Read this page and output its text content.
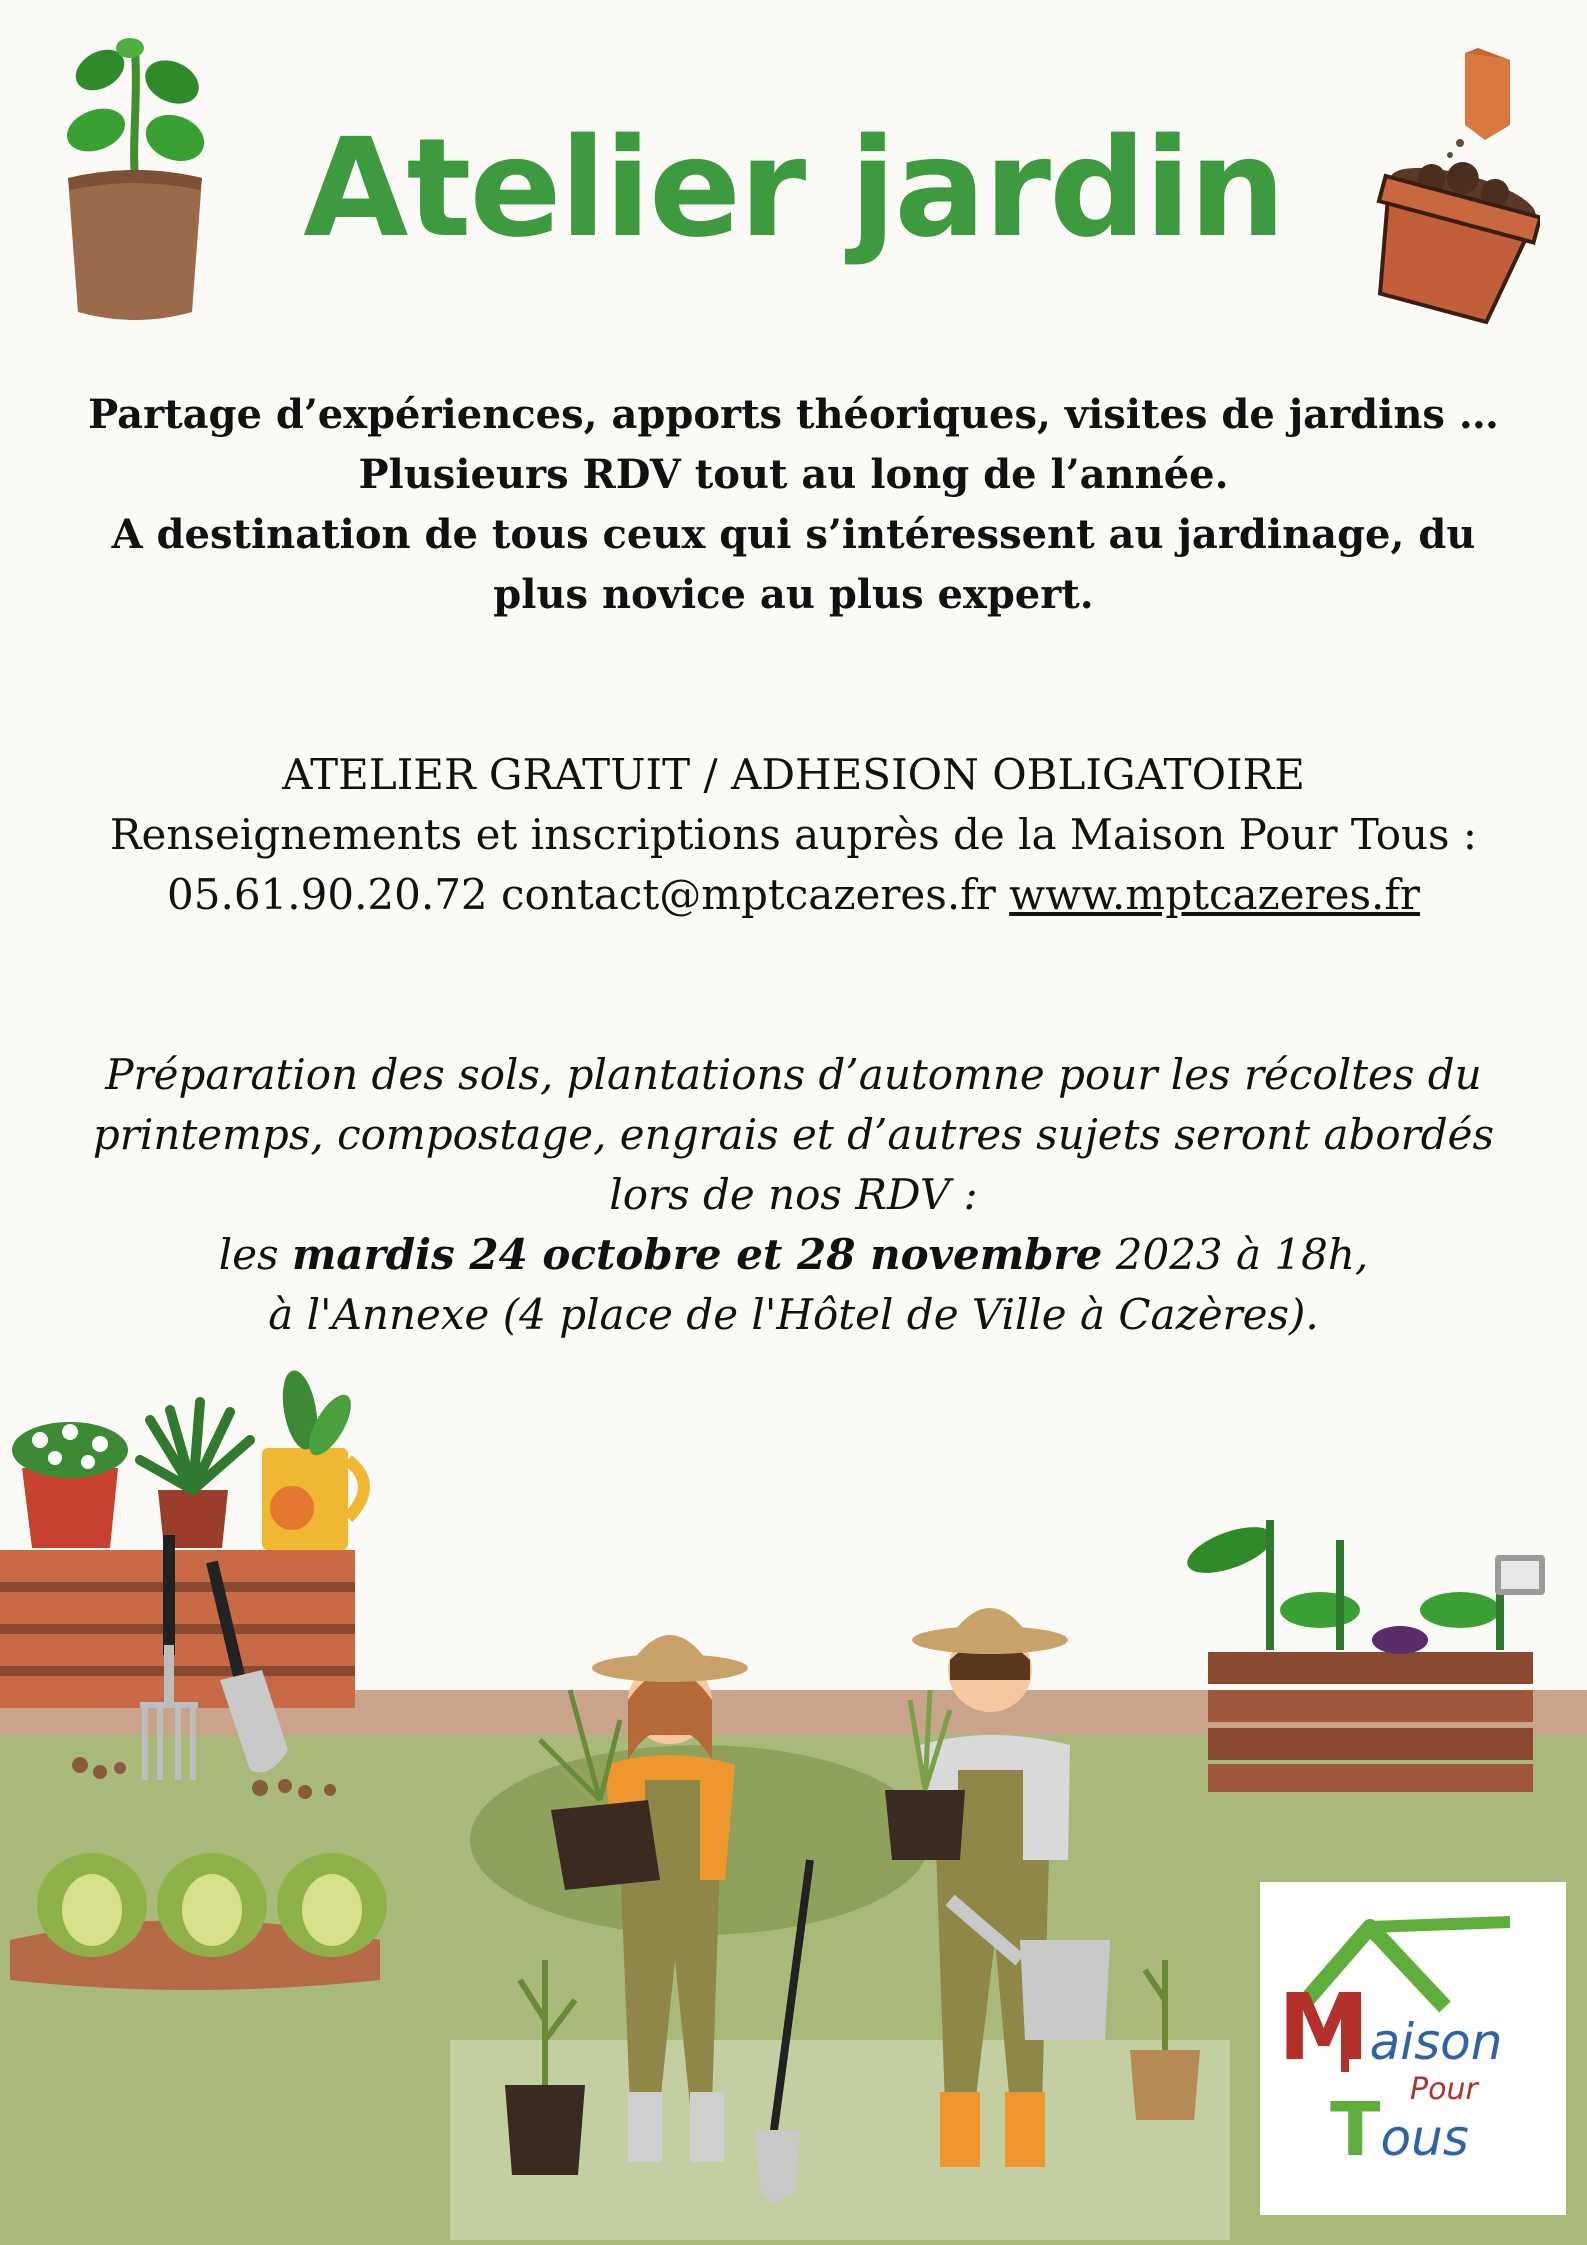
Atelier jardin
Partage d’expériences, apports théoriques, visites de jardins …
Plusieurs RDV tout au long de l’année.
A destination de tous ceux qui s’intéressent au jardinage, du
plus novice au plus expert.
ATELIER GRATUIT / ADHESION OBLIGATOIRE
Renseignements et inscriptions auprès de la Maison Pour Tous :
05.61.90.20.72 contact@mptcazeres.fr www.mptcazeres.fr
Préparation des sols, plantations d’automne pour les récoltes du
printemps, compostage, engrais et d’autres sujets seront abordés
lors de nos RDV :
les mardis 24 octobre et 28 novembre 2023 à 18h,
à l'Annexe (4 place de l'Hôtel de Ville à Cazères).
Maison
Pour
Tous
